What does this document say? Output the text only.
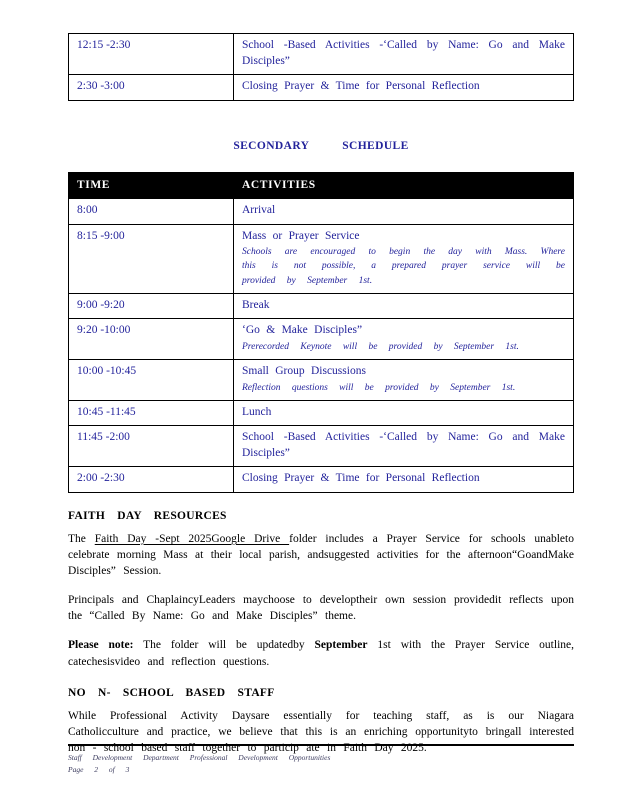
12:15 -2:30	School -Based Activities -‘Called by Name: Go and Make Disciples”
2:30 -3:00	Closing Prayer & Time for Personal Reflection
SECONDARY SCHEDULE
TIME	ACTIVITIES
8:00	Arrival
8:15 -9:00	Mass or Prayer Service
Schools are encouraged to begin the day with Mass. Where this is not possible, a prepared prayer service will be provided by September 1st.

9:00 -9:20	Break
9:20 -10:00	‘Go & Make Disciples”
Prerecorded Keynote will be provided by September 1st.

10:00 -10:45	Small Group Discussions
Reflection questions will be provided by September 1st.

10:45 -11:45	Lunch
11:45 -2:00	School -Based Activities -‘Called by Name: Go and Make Disciples”
2:00 -2:30	Closing Prayer & Time for Personal Reflection
FAITH DAY RESOURCES

The Faith Day -Sept 2025Google Drive folder includes a Prayer Service for schools unableto celebrate morning Mass at their local parish, andsuggested activities for the afternoon“GoandMake Disciples” Session.

Principals and ChaplaincyLeaders maychoose to developtheir own session providedit reflects upon the “Called By Name: Go and Make Disciples” theme.

Please note: The folder will be updatedby September 1st with the Prayer Service outline, catechesisvideo and reflection questions.

NO N- SCHOOL BASED STAFF

While Professional Activity Daysare essentially for teaching staff, as is our Niagara Catholicculture and practice, we believe that this is an enriching opportunityto bringall interested non - school based staff together to particip ate in Faith Day 2025.

Staff Development Department Professional Development Opportunities
Page 2 of 3
